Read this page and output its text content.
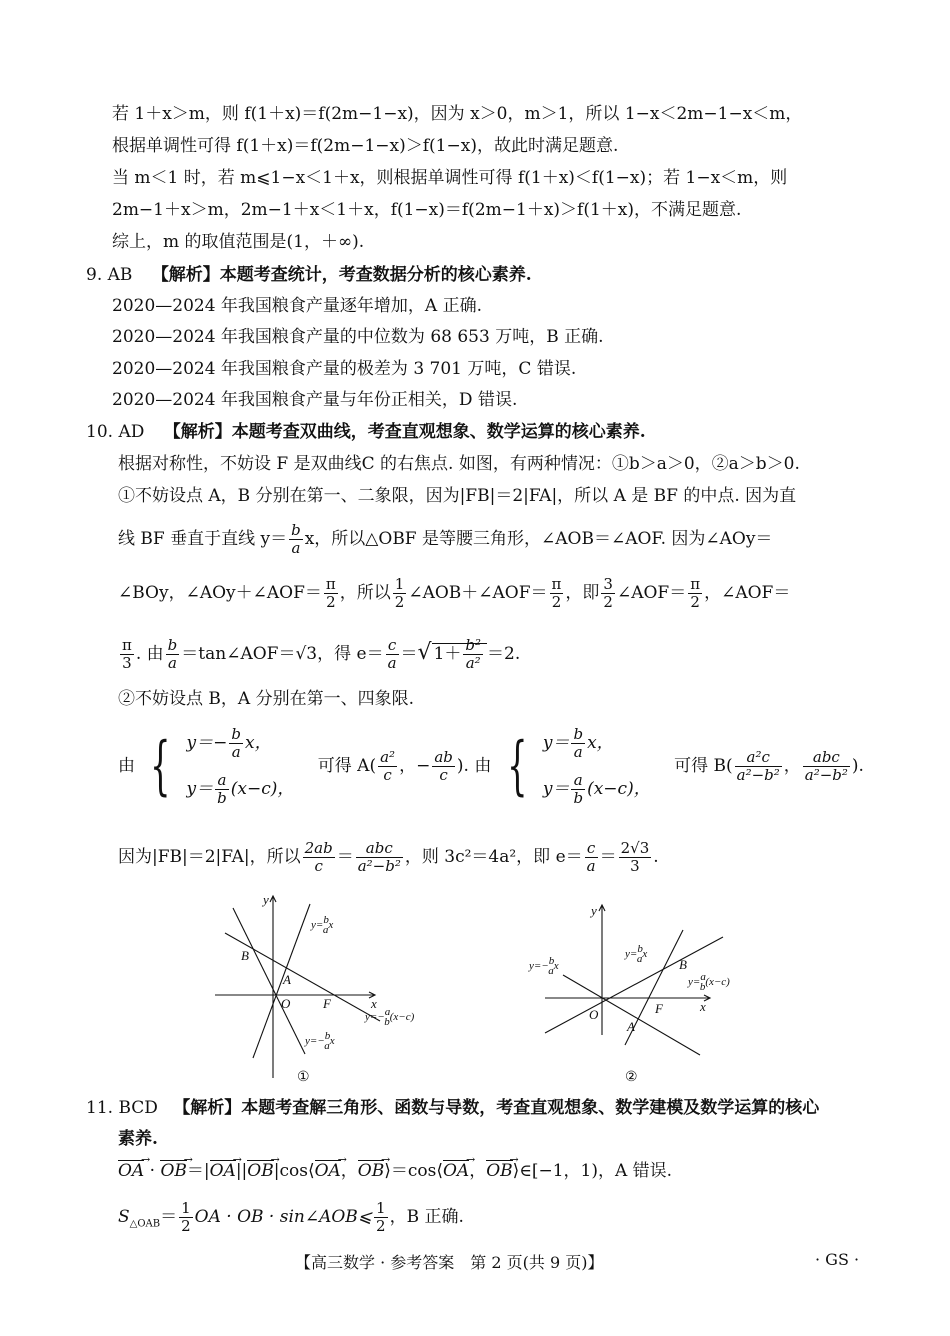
若 1＋x＞m，则 f(1＋x)＝f(2m−1−x)，因为 x＞0，m＞1，所以 1−x＜2m−1−x＜m，
根据单调性可得 f(1＋x)＝f(2m−1−x)＞f(1−x)，故此时满足题意.
当 m＜1 时，若 m⩽1−x＜1＋x，则根据单调性可得 f(1＋x)＜f(1−x)；若 1−x＜m，则
2m−1＋x＞m，2m−1＋x＜1＋x，f(1−x)＝f(2m−1＋x)＞f(1＋x)，不满足题意.
综上，m 的取值范围是(1，＋∞).
9. AB 【解析】本题考查统计，考查数据分析的核心素养.
2020—2024 年我国粮食产量逐年增加，A 正确.
2020—2024 年我国粮食产量的中位数为 68 653 万吨，B 正确.
2020—2024 年我国粮食产量的极差为 3 701 万吨，C 错误.
2020—2024 年我国粮食产量与年份正相关，D 错误.
10. AD 【解析】本题考查双曲线，考查直观想象、数学运算的核心素养.
根据对称性，不妨设 F 是双曲线C 的右焦点. 如图，有两种情况：①b＞a＞0，②a＞b＞0.
①不妨设点 A，B 分别在第一、二象限，因为|FB|＝2|FA|，所以 A 是 BF 的中点. 因为直
线 BF 垂直于直线 $y= \frac{b}{a}$ x，所以△OBF 是等腰三角形，∠AOB＝∠AOF. 因为∠AOy＝
∠BOy，∠AOy＋∠AOF＝ $\frac{\pi}{2}$ ，所以 $\frac{1}{2}$ ∠AOB＋∠AOF＝ $\frac{\pi}{2}$ ，即 $\frac{3}{2}$ ∠AOF＝ $\frac{\pi}{2}$ ，∠AOF＝
$\frac{\pi}{3}$ . 由 $\frac{b}{a}$ ＝tan∠AOF＝√3，得 $e= \frac{c}{a}$ ＝√ $1+ \frac{\text{b²}}{\text{a²}} =2$.
②不妨设点 B，A 分别在第一、四象限.
由 { $y=- \frac{b}{a}$ x，
$y= \frac{a}{b} (x-c)$，
可得 $A( \frac{\text{a²}}{c}$ ，− $\frac{ab}{c}$ ). 由 { $y= \frac{b}{a}$ x，
$y= \frac{a}{b} (x-c)$，
可得 $B( \frac{\text{a²c}}{\text{a²−b²}}$ ， $\frac{\text{abc}}{\text{a²−b²}}$ ).
因为|FB|＝2|FA|，所以 $\frac{2ab}{c} = \frac{\text{abc}}{\text{a²−b²}}$ ，则 3c²＝4a²，即 $e= \frac{c}{a} = \frac{2√3}{3}$ .
y
x
O
A
B
F
y=b ax
y=−a b(x−c)
y=−b ax
①
y
x
O
B
A
F
y=b ax
y=−b ax
y=a b(x−c)
②
11. BCD 【解析】本题考查解三角形、函数与导数，考查直观想象、数学建模及数学运算的核心
素养.
OA → · OB →＝|OA →||OB →|cos⟨OA →，OB →⟩＝cos⟨OA →，OB →⟩∈[−1，1)，A 错误.
$S_{\triangle OAB}= \frac{1}{2}$ OA · OB · sin∠AOB⩽ $\frac{1}{2}$ ，B 正确.
【高三数学 · 参考答案　第 2 页(共 9 页)】	· GS ·
